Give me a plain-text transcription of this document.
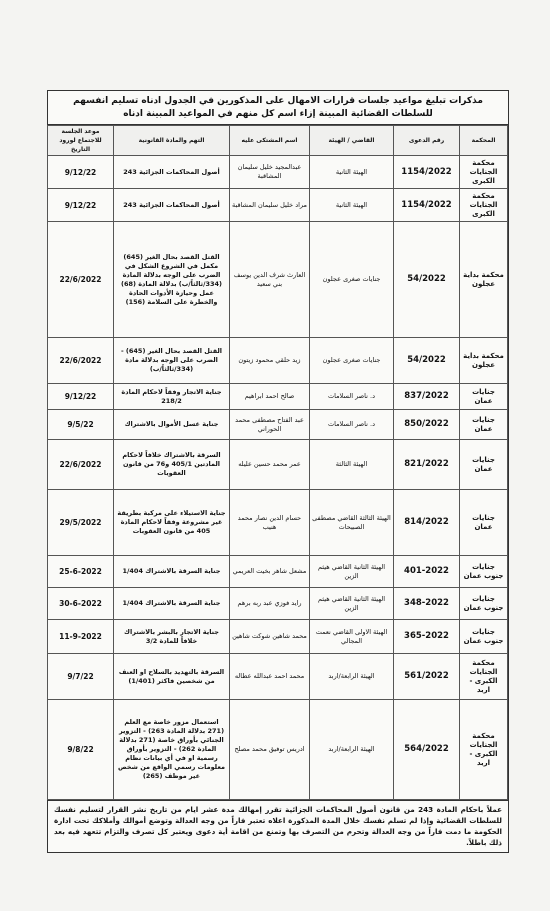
مذكرات تبليغ مواعيد جلسات قرارات الامهال على المذكورين في الجدول ادناه تسليم انفسهم للسلطات القضائية المبينة إزاء اسم كل منهم في المواعيد المبينة ادناه
المحكمة	رقم الدعوى	القاضي / الهيئة	اسم المشتكى عليه	التهم والمادة القانونية	موعد الجلسة للاجتماع لورود التاريخ
محكمة الجنايات الكبرى	1154/2022	الهيئة الثانية	عبدالمجيد خليل سليمان المشاقبة	أصول المحاكمات الجزائية 243	9/12/22
محكمة الجنايات الكبرى	1154/2022	الهيئة الثانية	مراد خليل سليمان المشاقبة	أصول المحاكمات الجزائية 243	9/12/22
محكمة بداية عجلون	54/2022	جنايات صغرى عجلون	العارث شرف الدين يوسف بني سعيد	القتل القصد بحال الغير (645) مكمل في الشروع الشكل في الضرب على الوجه بدلالة المادة (334/ثالثاً/ب) بدلالة المادة (68) عمل وحيازة الأدوات الحادة والخطرة على السلامة (156)	22/6/2022
محكمة بداية عجلون	54/2022	جنايات صغرى عجلون	زيد حلقي محمود زيتون	القتل القصد بحال الغير (645) - الضرب على الوجه بدلالة مادة (334/ثالثاً/ب)	22/6/2022
جنايات عمان	837/2022	د. ناصر السلامات	صالح احمد ابراهيم	جناية الاتجار وفقاً لاحكام المادة 218/2	9/12/22
جنايات عمان	850/2022	د. ناصر السلامات	عبد الفتاح مصطفى محمد الحوراني	جناية غسل الأموال بالاشتراك	9/5/22
جنايات عمان	821/2022	الهيئة الثالثة	عمر محمد حسين عليله	السرقة بالاشتراك خلافاً لاحكام المادتين 405/1 و76 من قانون العقوبات	22/6/2022
جنايات عمان	814/2022	الهيئة الثالثة القاضي مصطفى الصبيحات	حسام الدين نصار محمد هنيب	جناية الاستيلاء على مركبة بطريقة غير مشروعة وفقاً لاحكام المادة 405 من قانون العقوبات	29/5/2022
جنايات جنوب عمان	401-2022	الهيئة الثانية القاضي هيثم الزين	مشعل شاهر بخيت العريمي	جناية السرقة بالاشتراك 1/404	25-6-2022
جنايات جنوب عمان	348-2022	الهيئة الثانية القاضي هيثم الزين	رايد فوزي عبد ربه برهم	جناية السرقة بالاشتراك 1/404	30-6-2022
جنايات جنوب عمان	365-2022	الهيئة الاولى القاضي نعمت المجالي	محمد شاهين شوكت شاهين	جناية الاتجار بالبشر بالاشتراك خلافاً للمادة 3/2	11-9-2022
محكمة الجنايات الكبرى - اربد	561/2022	الهيئة الرابعة/اربد	محمد احمد عبدالله عطاله	السرقة بالتهديد بالسلاح او العنف من شخصين فاكثر (1/401)	9/7/22
محكمة الجنايات الكبرى - اربد	564/2022	الهيئة الرابعة/اربد	ادريس توفيق محمد مصلح	استعمال مزور خاصة مع العلم (271 بدلالة المادة 263) - التزوير الجنائي بأوراق خاصة (271 بدلالة المادة 262) - التزوير بأوراق رسمية او في أي بيانات نظام معلومات رسمي الواقع من شخص غير موظف (265)	9/8/22
عملاً باحكام المادة 243 من قانون أصول المحاكمات الجزائية تقرر إمهالك مدة عشر ايام من تاريخ نشر القرار لتسليم نفسك للسلطات القضائية وإذا لم تسلم نفسك خلال المدة المذكورة اعلاه تعتبر فاراً من وجه العدالة وتوضع أموالك وأملاكك تحت ادارة الحكومة ما دمت فاراً من وجه العدالة وتحرم من التصرف بها وتمنع من اقامة أية دعوى ويعتبر كل تصرف والتزام تتعهد فيه بعد ذلك باطلاً.
